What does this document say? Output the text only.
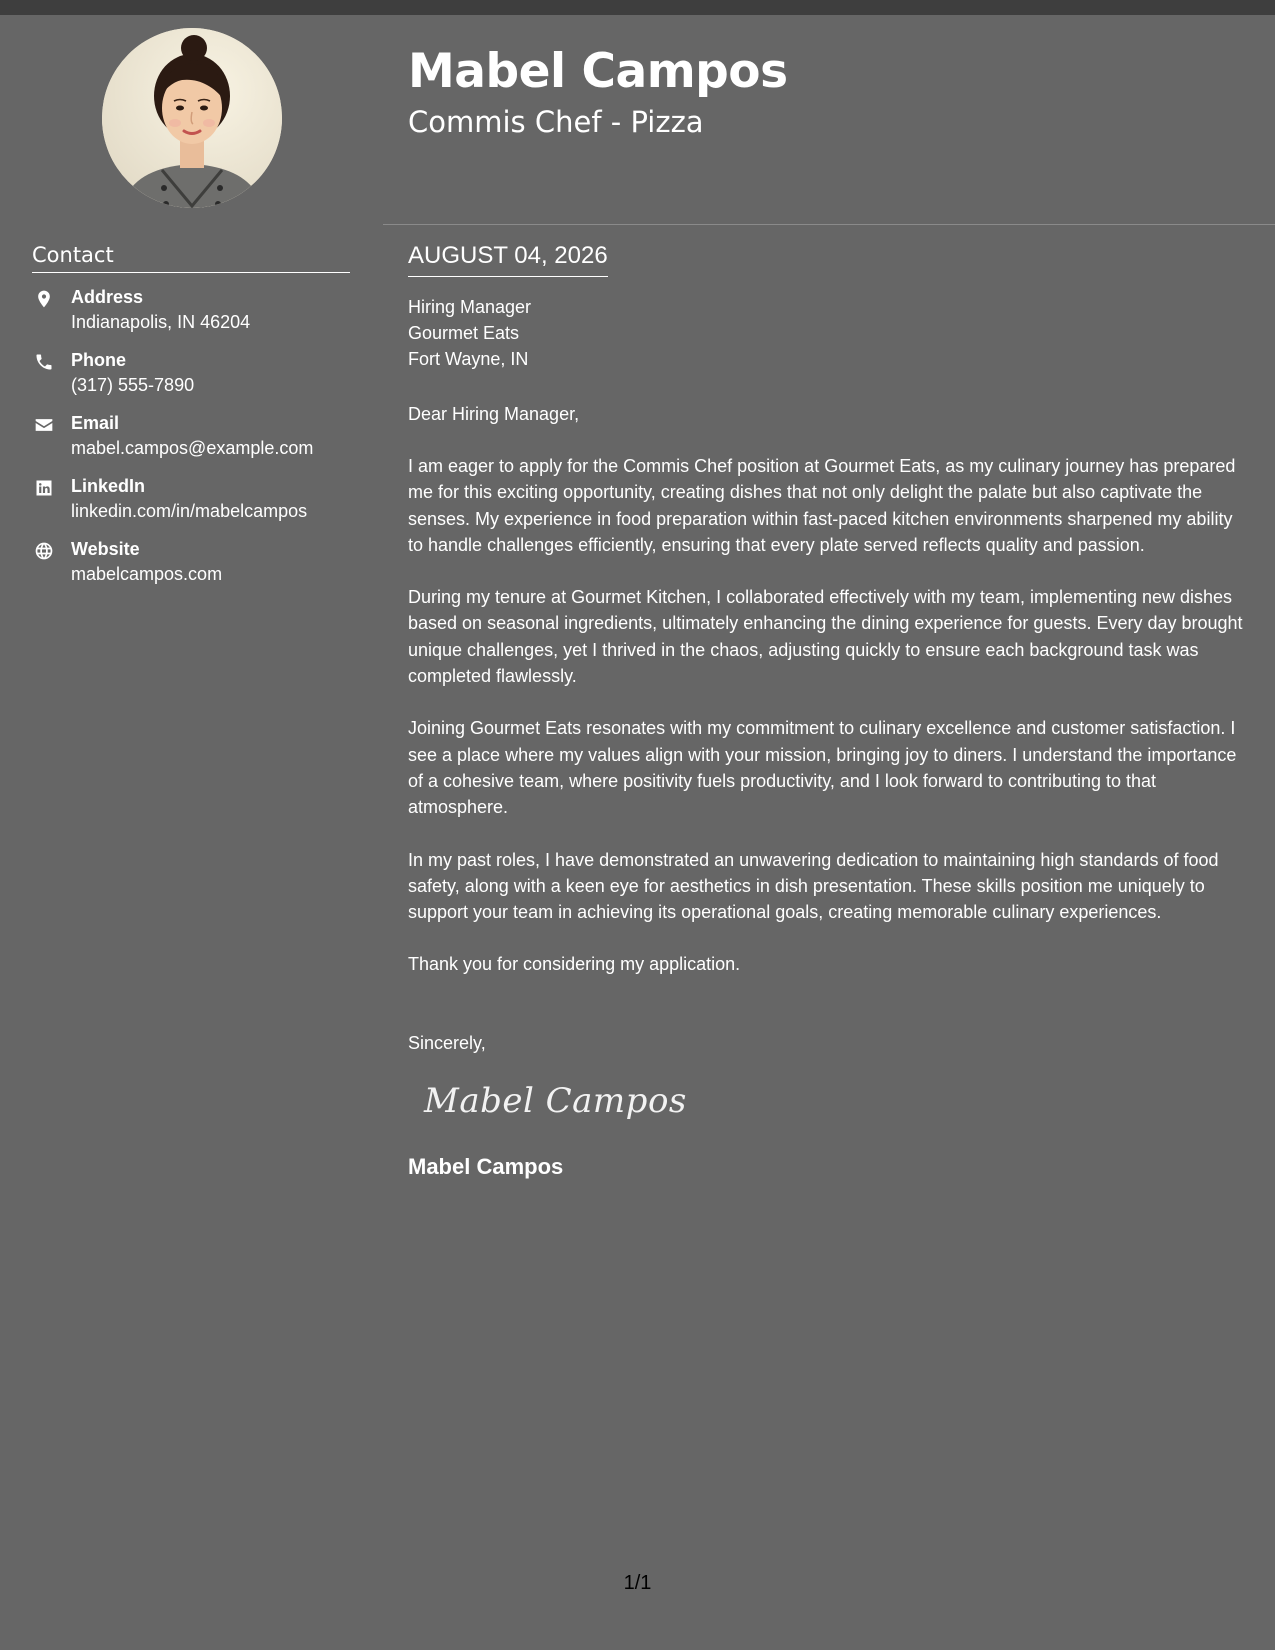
Contact
Address
Indianapolis, IN 46204
Phone
(317) 555-7890
Email
mabel.campos@example.com
LinkedIn
linkedin.com/in/mabelcampos
Website
mabelcampos.com
Mabel Campos
Commis Chef - Pizza
AUGUST 04, 2026
Hiring Manager
Gourmet Eats
Fort Wayne, IN
Dear Hiring Manager,
I am eager to apply for the Commis Chef position at Gourmet Eats, as my culinary journey has prepared me for this exciting opportunity, creating dishes that not only delight the palate but also captivate the senses. My experience in food preparation within fast-paced kitchen environments sharpened my ability to handle challenges efficiently, ensuring that every plate served reflects quality and passion.
During my tenure at Gourmet Kitchen, I collaborated effectively with my team, implementing new dishes based on seasonal ingredients, ultimately enhancing the dining experience for guests. Every day brought unique challenges, yet I thrived in the chaos, adjusting quickly to ensure each background task was completed flawlessly.
Joining Gourmet Eats resonates with my commitment to culinary excellence and customer satisfaction. I see a place where my values align with your mission, bringing joy to diners. I understand the importance of a cohesive team, where positivity fuels productivity, and I look forward to contributing to that atmosphere.
In my past roles, I have demonstrated an unwavering dedication to maintaining high standards of food safety, along with a keen eye for aesthetics in dish presentation. These skills position me uniquely to support your team in achieving its operational goals, creating memorable culinary experiences.
Thank you for considering my application.
Sincerely,
Mabel Campos
Mabel Campos
1/1
